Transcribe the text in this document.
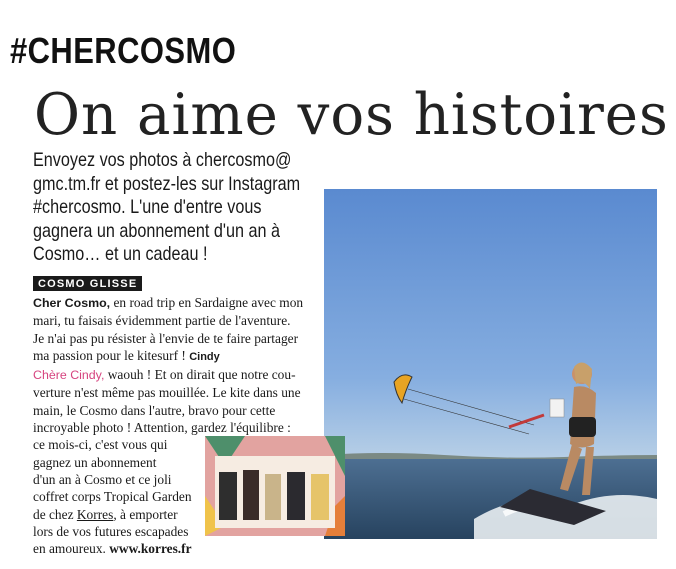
#CHERCOSMO
On aime vos histoires
Envoyez vos photos à chercosmo@
gmc.tm.fr et postez-les sur Instagram
#chercosmo. L'une d'entre vous
gagnera un abonnement d'un an à
Cosmo… et un cadeau !
COSMO GLISSE
Cher Cosmo, en road trip en Sardaigne avec mon
mari, tu faisais évidemment partie de l'aventure.
Je n'ai pas pu résister à l'envie de te faire partager
ma passion pour le kitesurf ! Cindy
Chère Cindy, waouh ! Et on dirait que notre cou-
verture n'est même pas mouillée. Le kite dans une
main, le Cosmo dans l'autre, bravo pour cette
incroyable photo ! Attention, gardez l'équilibre :
ce mois-ci, c'est vous qui
gagnez un abonnement
d'un an à Cosmo et ce joli
coffret corps Tropical Garden
de chez Korres, à emporter
lors de vos futures escapades
en amoureux. www.korres.fr
